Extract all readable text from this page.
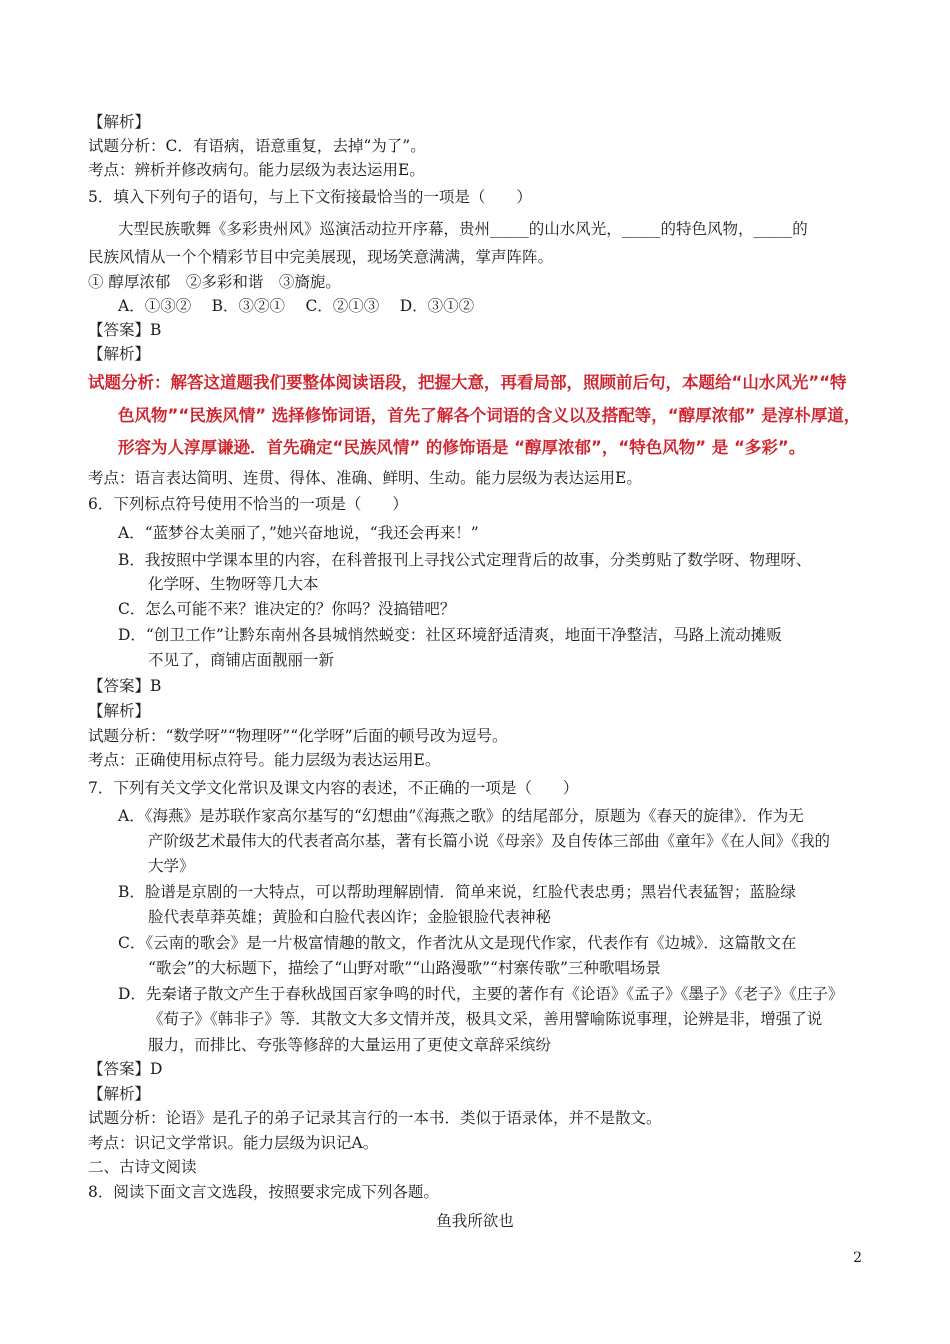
【解析】
试题分析：C．有语病，语意重复，去掉“为了”。
考点：辨析并修改病句。能力层级为表达运用E。
5．填入下列句子的语句，与上下文衔接最恰当的一项是（　　）
大型民族歌舞《多彩贵州风》巡演活动拉开序幕，贵州_____的山水风光，_____的特色风物，_____的
民族风情从一个个精彩节目中完美展现，现场笑意满满，掌声阵阵。
① 醇厚浓郁　②多彩和谐　③旖旎。
A．①③②　 B．③②①　 C．②①③　 D．③①②
【答案】B
【解析】
试题分析：解答这道题我们要整体阅读语段，把握大意，再看局部，照顾前后句，本题给“山水风光”“特
色风物”“民族风情” 选择修饰词语，首先了解各个词语的含义以及搭配等，“醇厚浓郁” 是淳朴厚道，
形容为人淳厚谦逊．首先确定“民族风情” 的修饰语是 “醇厚浓郁”，“特色风物” 是 “多彩”。
考点：语言表达简明、连贯、得体、准确、鲜明、生动。能力层级为表达运用E。
6．下列标点符号使用不恰当的一项是（　　）
A．“蓝梦谷太美丽了，”她兴奋地说，“我还会再来！”
B．我按照中学课本里的内容，在科普报刊上寻找公式定理背后的故事，分类剪贴了数学呀、物理呀、
化学呀、生物呀等几大本
C．怎么可能不来？谁决定的？你吗？没搞错吧？
D．“创卫工作”让黔东南州各县城悄然蜕变：社区环境舒适清爽，地面干净整洁，马路上流动摊贩
不见了，商铺店面靓丽一新
【答案】B
【解析】
试题分析：“数学呀”“物理呀”“化学呀”后面的顿号改为逗号。
考点：正确使用标点符号。能力层级为表达运用E。
7．下列有关文学文化常识及课文内容的表述，不正确的一项是（　　）
A．《海燕》是苏联作家高尔基写的“幻想曲”《海燕之歌》的结尾部分，原题为《春天的旋律》．作为无
产阶级艺术最伟大的代表者高尔基，著有长篇小说《母亲》及自传体三部曲《童年》《在人间》《我的
大学》
B．脸谱是京剧的一大特点，可以帮助理解剧情．简单来说，红脸代表忠勇；黑岩代表猛智；蓝脸绿
脸代表草莽英雄；黄脸和白脸代表凶诈；金脸银脸代表神秘
C．《云南的歌会》是一片极富情趣的散文，作者沈从文是现代作家，代表作有《边城》．这篇散文在
“歌会”的大标题下，描绘了“山野对歌”“山路漫歌”“村寨传歌”三种歌唱场景
D．先秦诸子散文产生于春秋战国百家争鸣的时代，主要的著作有《论语》《孟子》《墨子》《老子》《庄子》
《荀子》《韩非子》等．其散文大多文情并茂，极具文采，善用譬喻陈说事理，论辨是非，增强了说
服力，而排比、夸张等修辞的大量运用了更使文章辞采缤纷
【答案】D
【解析】
试题分析：论语》是孔子的弟子记录其言行的一本书．类似于语录体，并不是散文。
考点：识记文学常识。能力层级为识记A。
二、古诗文阅读
8．阅读下面文言文选段，按照要求完成下列各题。
鱼我所欲也
2
